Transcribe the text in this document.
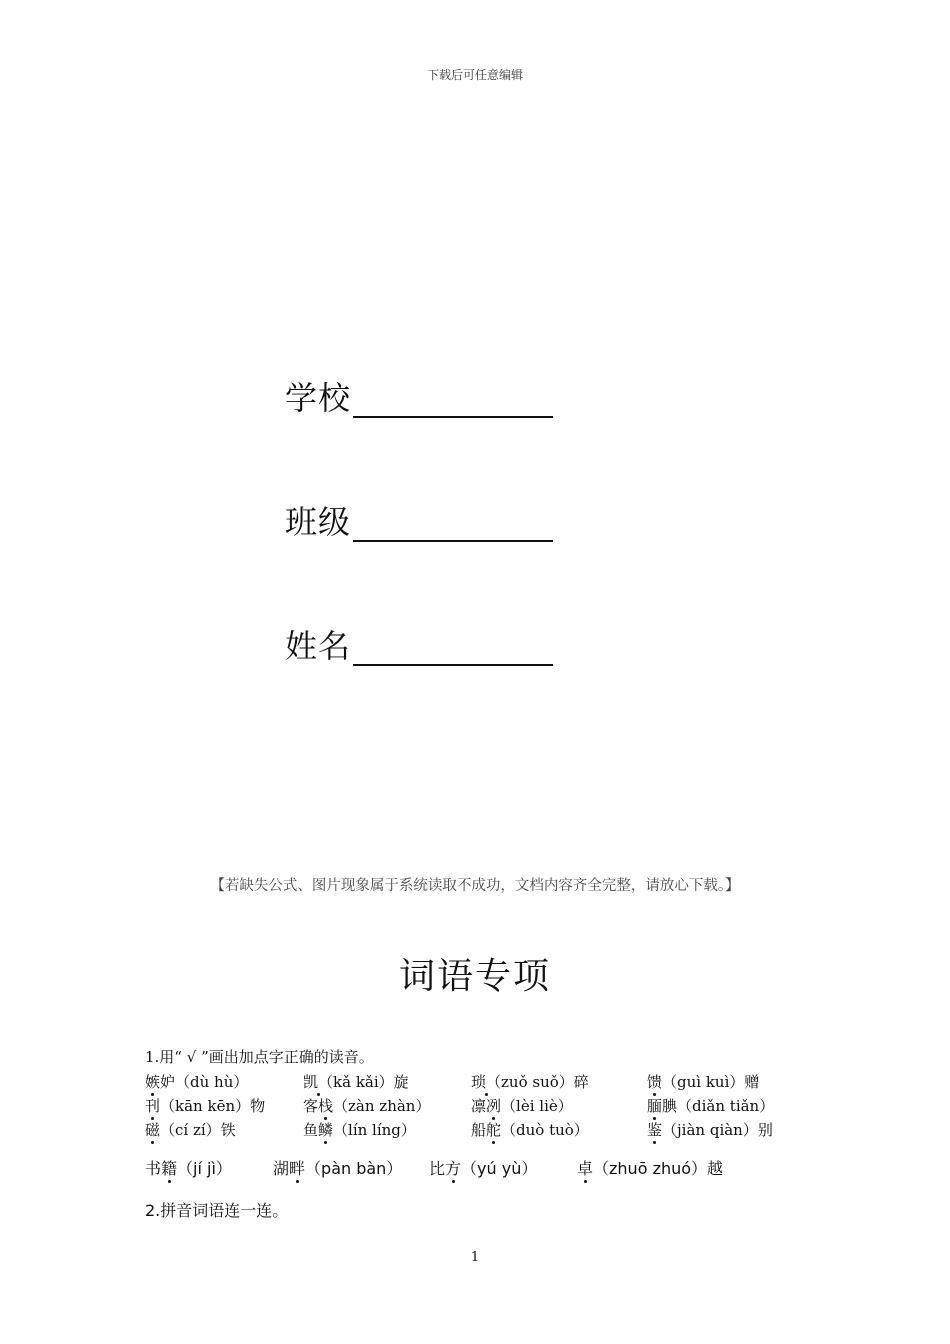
下载后可任意编辑
学校
班级
姓名
【若缺失公式、图片现象属于系统读取不成功，文档内容齐全完整，请放心下载。】
词语专项
1.用“ √ ”画出加点字正确的读音。
嫉妒（dù hù）	凯（kǎ kǎi）旋	琐（zuǒ suǒ）碎	馈（guì kuì）赠
刊（kān kēn）物	客栈（zàn zhàn）	凛冽（lèi liè）	腼腆（diǎn tiǎn）
磁（cí zí）铁	鱼鳞（lín líng）	船舵（duò tuò）	鉴（jiàn qiàn）别
书籍（jí jì）	湖畔（pàn bàn） 比方（yú yù） 卓（zhuō zhuó）越
2.拼音词语连一连。
1
